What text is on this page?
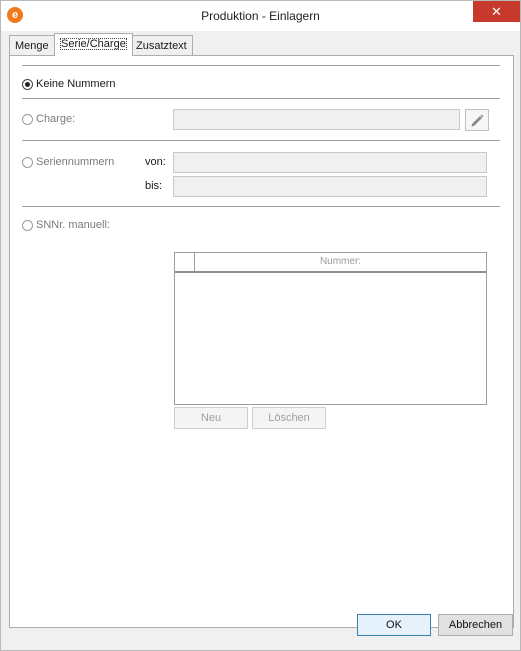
e	Produktion - Einlagern	✕
Menge	Serie/Charge Zusatztext
Keine Nummern
Charge:
Seriennummern	von:
bis:
SNNr. manuell:
Nummer:
Neu	Löschen
OK	Abbrechen
